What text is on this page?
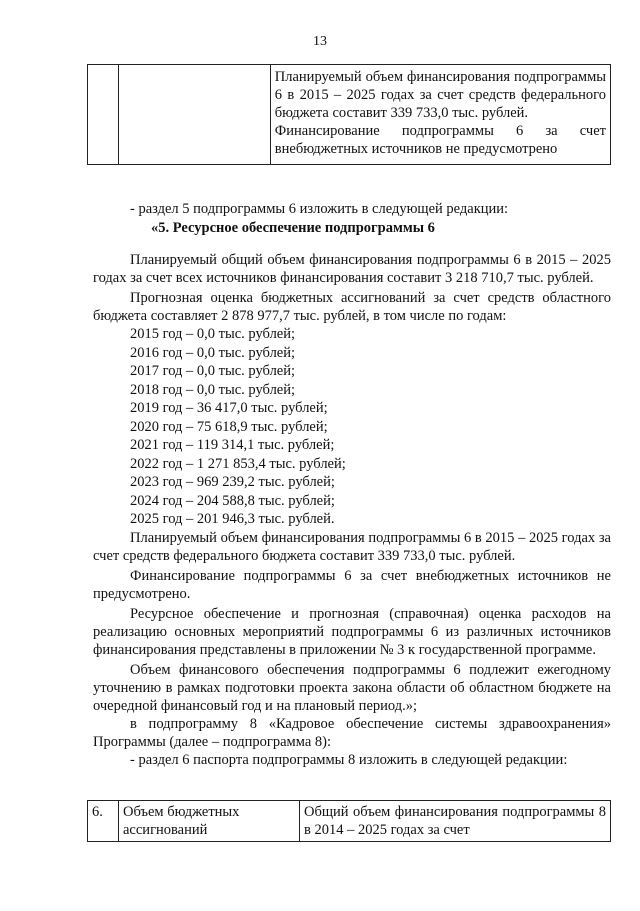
13

Планируемый объем финансирования подпрограммы 6 в 2015 – 2025 годах за счет средств федерального бюджета составит 339 733,0 тыс. рублей.
Финансирование подпрограммы 6 за счет внебюджетных источников не предусмотрено

- раздел 5 подпрограммы 6 изложить в следующей редакции:

«5. Ресурсное обеспечение подпрограммы 6

Планируемый общий объем финансирования подпрограммы 6 в 2015 – 2025 годах за счет всех источников финансирования составит 3 218 710,7 тыс. рублей.

Прогнозная оценка бюджетных ассигнований за счет средств областного бюджета составляет 2 878 977,7 тыс. рублей, в том числе по годам:

2015 год – 0,0 тыс. рублей;
2016 год – 0,0 тыс. рублей;
2017 год – 0,0 тыс. рублей;
2018 год – 0,0 тыс. рублей;
2019 год – 36 417,0 тыс. рублей;
2020 год – 75 618,9 тыс. рублей;
2021 год – 119 314,1 тыс. рублей;
2022 год – 1 271 853,4 тыс. рублей;
2023 год – 969 239,2 тыс. рублей;
2024 год – 204 588,8 тыс. рублей;
2025 год – 201 946,3 тыс. рублей.

Планируемый объем финансирования подпрограммы 6 в 2015 – 2025 годах за счет средств федерального бюджета составит 339 733,0 тыс. рублей.

Финансирование подпрограммы 6 за счет внебюджетных источников не предусмотрено.

Ресурсное обеспечение и прогнозная (справочная) оценка расходов на реализацию основных мероприятий подпрограммы 6 из различных источников финансирования представлены в приложении № 3 к государственной программе.

Объем финансового обеспечения подпрограммы 6 подлежит ежегодному уточнению в рамках подготовки проекта закона области об областном бюджете на очередной финансовый год и на плановый период.»;

в подпрограмму 8 «Кадровое обеспечение системы здравоохранения» Программы (далее – подпрограмма 8):

- раздел 6 паспорта подпрограммы 8 изложить в следующей редакции:

6.	Объем бюджетных ассигнований	Общий объем финансирования подпрограммы 8 в 2014 – 2025 годах за счет
